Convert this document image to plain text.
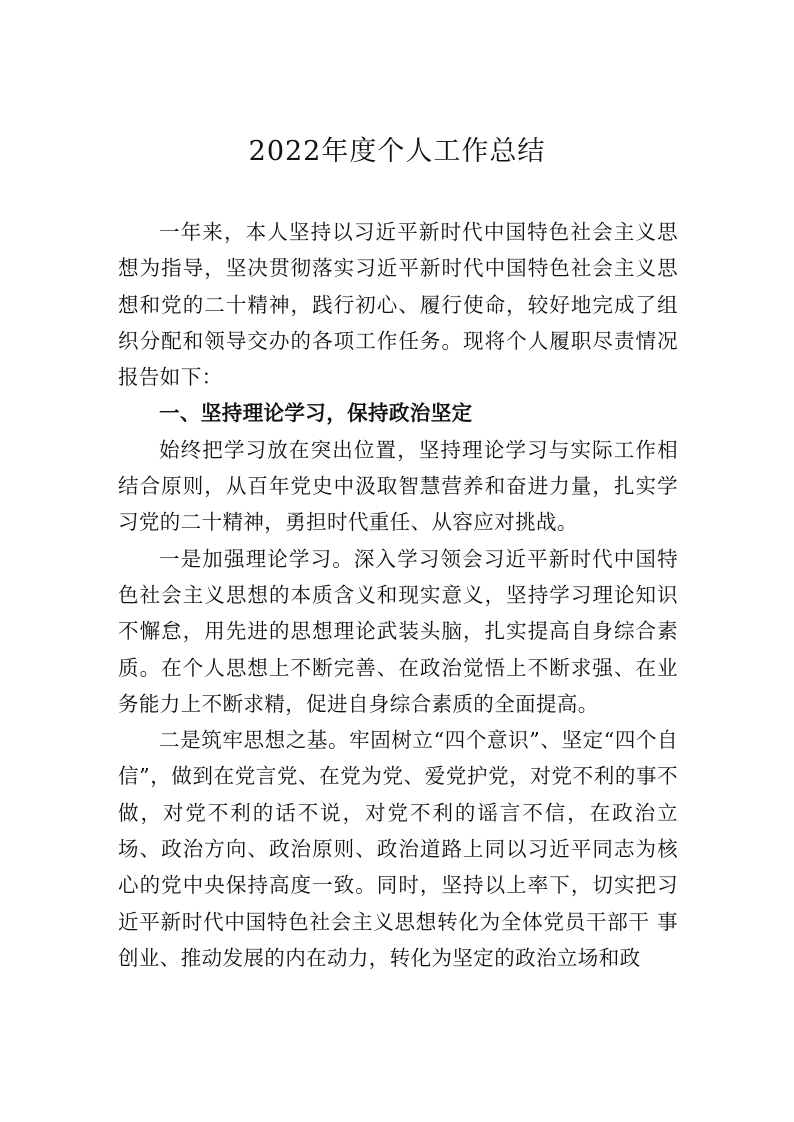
2022年度个人工作总结

一年来，本人坚持以习近平新时代中国特色社会主义思想为指导，坚决贯彻落实习近平新时代中国特色社会主义思想和党的二十精神，践行初心、履行使命，较好地完成了组织分配和领导交办的各项工作任务。现将个人履职尽责情况报告如下：

一、坚持理论学习，保持政治坚定

始终把学习放在突出位置，坚持理论学习与实际工作相结合原则，从百年党史中汲取智慧营养和奋进力量，扎实学习党的二十精神，勇担时代重任、从容应对挑战。

一是加强理论学习。深入学习领会习近平新时代中国特色社会主义思想的本质含义和现实意义，坚持学习理论知识不懈怠，用先进的思想理论武装头脑，扎实提高自身综合素质。在个人思想上不断完善、在政治觉悟上不断求强、在业务能力上不断求精，促进自身综合素质的全面提高。

二是筑牢思想之基。牢固树立“四个意识”、坚定“四个自信”，做到在党言党、在党为党、爱党护党，对党不利的事不做，对党不利的话不说，对党不利的谣言不信，在政治立场、政治方向、政治原则、政治道路上同以习近平同志为核心的党中央保持高度一致。同时，坚持以上率下，切实把习近平新时代中国特色社会主义思想转化为全体党员干部干 事创业、推动发展的内在动力，转化为坚定的政治立场和政
